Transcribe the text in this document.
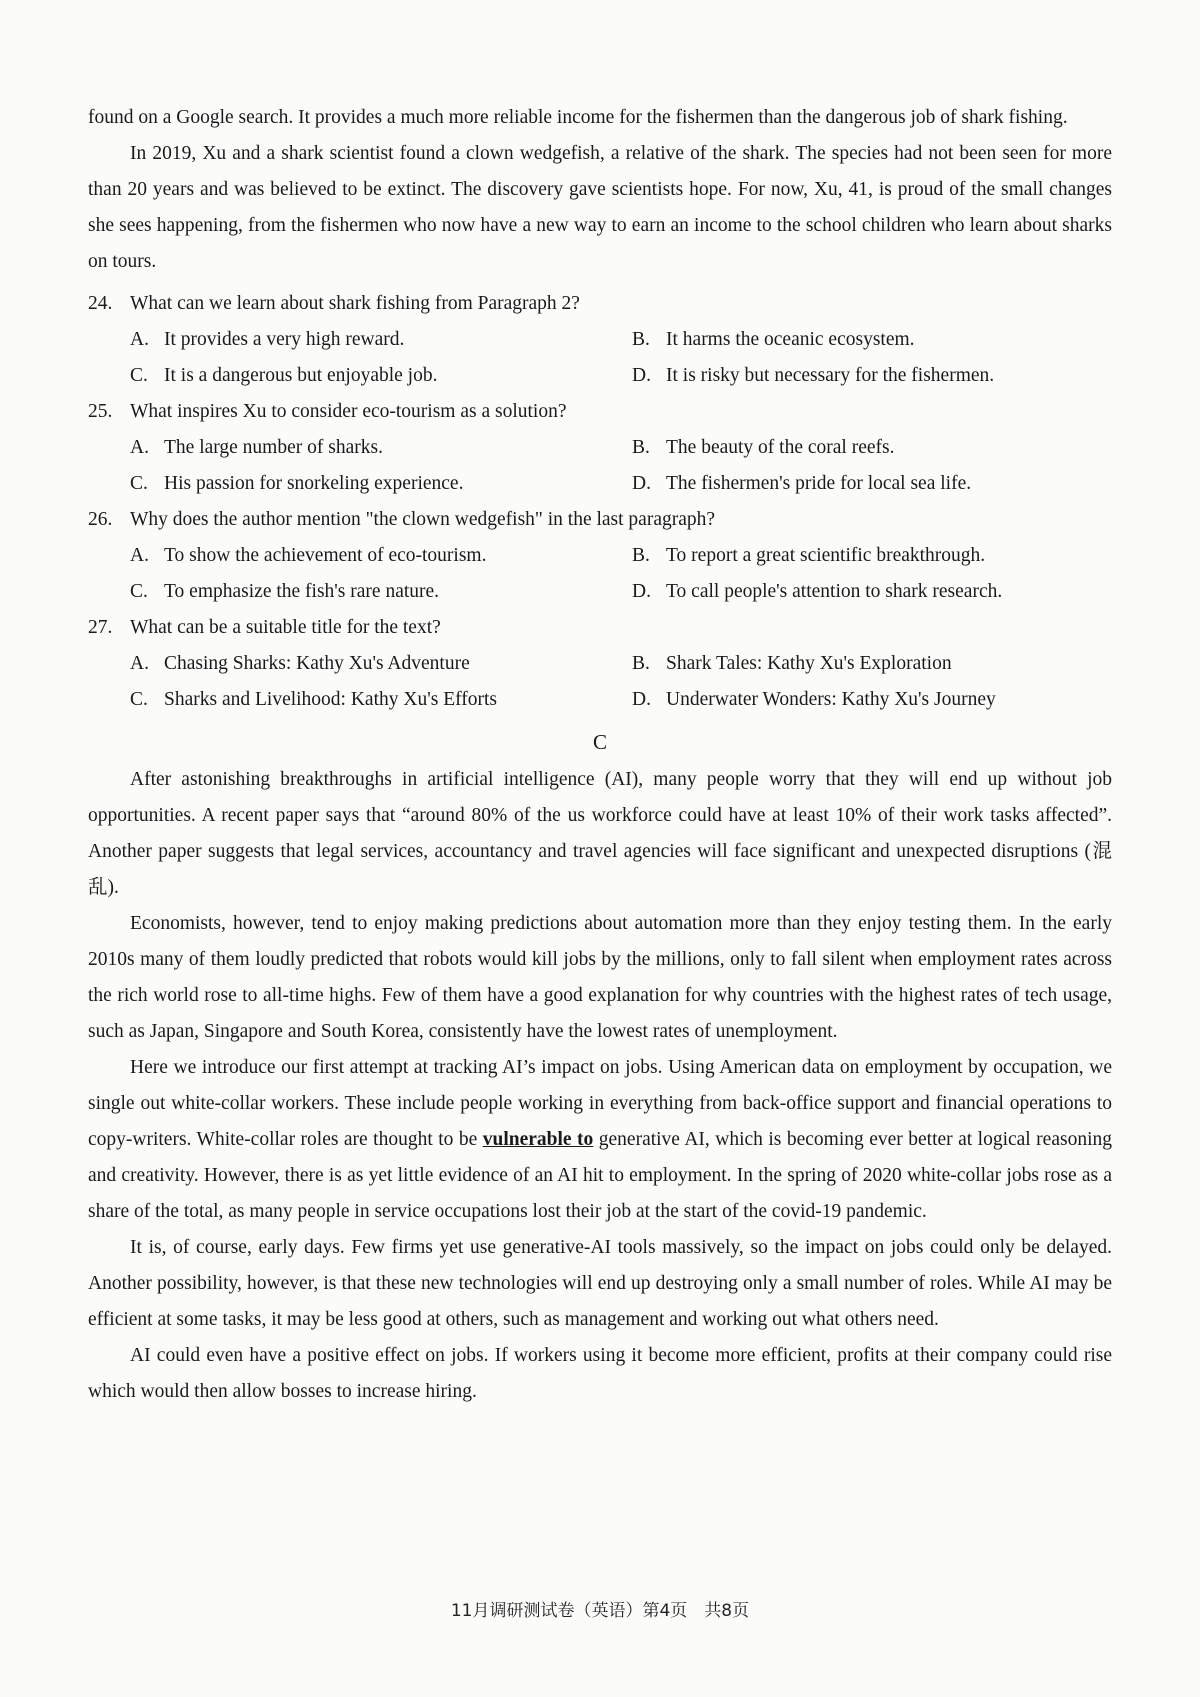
found on a Google search. It provides a much more reliable income for the fishermen than the dangerous job of shark fishing.

In 2019, Xu and a shark scientist found a clown wedgefish, a relative of the shark. The species had not been seen for more than 20 years and was believed to be extinct. The discovery gave scientists hope. For now, Xu, 41, is proud of the small changes she sees happening, from the fishermen who now have a new way to earn an income to the school children who learn about sharks on tours.

24. What can we learn about shark fishing from Paragraph 2?
A. It provides a very high reward.	B. It harms the oceanic ecosystem.
C. It is a dangerous but enjoyable job.	D. It is risky but necessary for the fishermen.
25. What inspires Xu to consider eco-tourism as a solution?
A. The large number of sharks.	B. The beauty of the coral reefs.
C. His passion for snorkeling experience.	D. The fishermen's pride for local sea life.
26. Why does the author mention "the clown wedgefish" in the last paragraph?
A. To show the achievement of eco-tourism.	B. To report a great scientific breakthrough.
C. To emphasize the fish's rare nature.	D. To call people's attention to shark research.
27. What can be a suitable title for the text?
A. Chasing Sharks: Kathy Xu's Adventure	B. Shark Tales: Kathy Xu's Exploration
C. Sharks and Livelihood: Kathy Xu's Efforts	D. Underwater Wonders: Kathy Xu's Journey
C

After astonishing breakthroughs in artificial intelligence (AI), many people worry that they will end up without job opportunities. A recent paper says that “around 80% of the us workforce could have at least 10% of their work tasks affected”. Another paper suggests that legal services, accountancy and travel agencies will face significant and unexpected disruptions (混乱).

Economists, however, tend to enjoy making predictions about automation more than they enjoy testing them. In the early 2010s many of them loudly predicted that robots would kill jobs by the millions, only to fall silent when employment rates across the rich world rose to all-time highs. Few of them have a good explanation for why countries with the highest rates of tech usage, such as Japan, Singapore and South Korea, consistently have the lowest rates of unemployment.

Here we introduce our first attempt at tracking AI’s impact on jobs. Using American data on employment by occupation, we single out white-collar workers. These include people working in everything from back-office support and financial operations to copy-writers. White-collar roles are thought to be vulnerable to generative AI, which is becoming ever better at logical reasoning and creativity. However, there is as yet little evidence of an AI hit to employment. In the spring of 2020 white-collar jobs rose as a share of the total, as many people in service occupations lost their job at the start of the covid-19 pandemic.

It is, of course, early days. Few firms yet use generative-AI tools massively, so the impact on jobs could only be delayed. Another possibility, however, is that these new technologies will end up destroying only a small number of roles. While AI may be efficient at some tasks, it may be less good at others, such as management and working out what others need.

AI could even have a positive effect on jobs. If workers using it become more efficient, profits at their company could rise which would then allow bosses to increase hiring.

11月调研测试卷（英语）第4页　共8页
